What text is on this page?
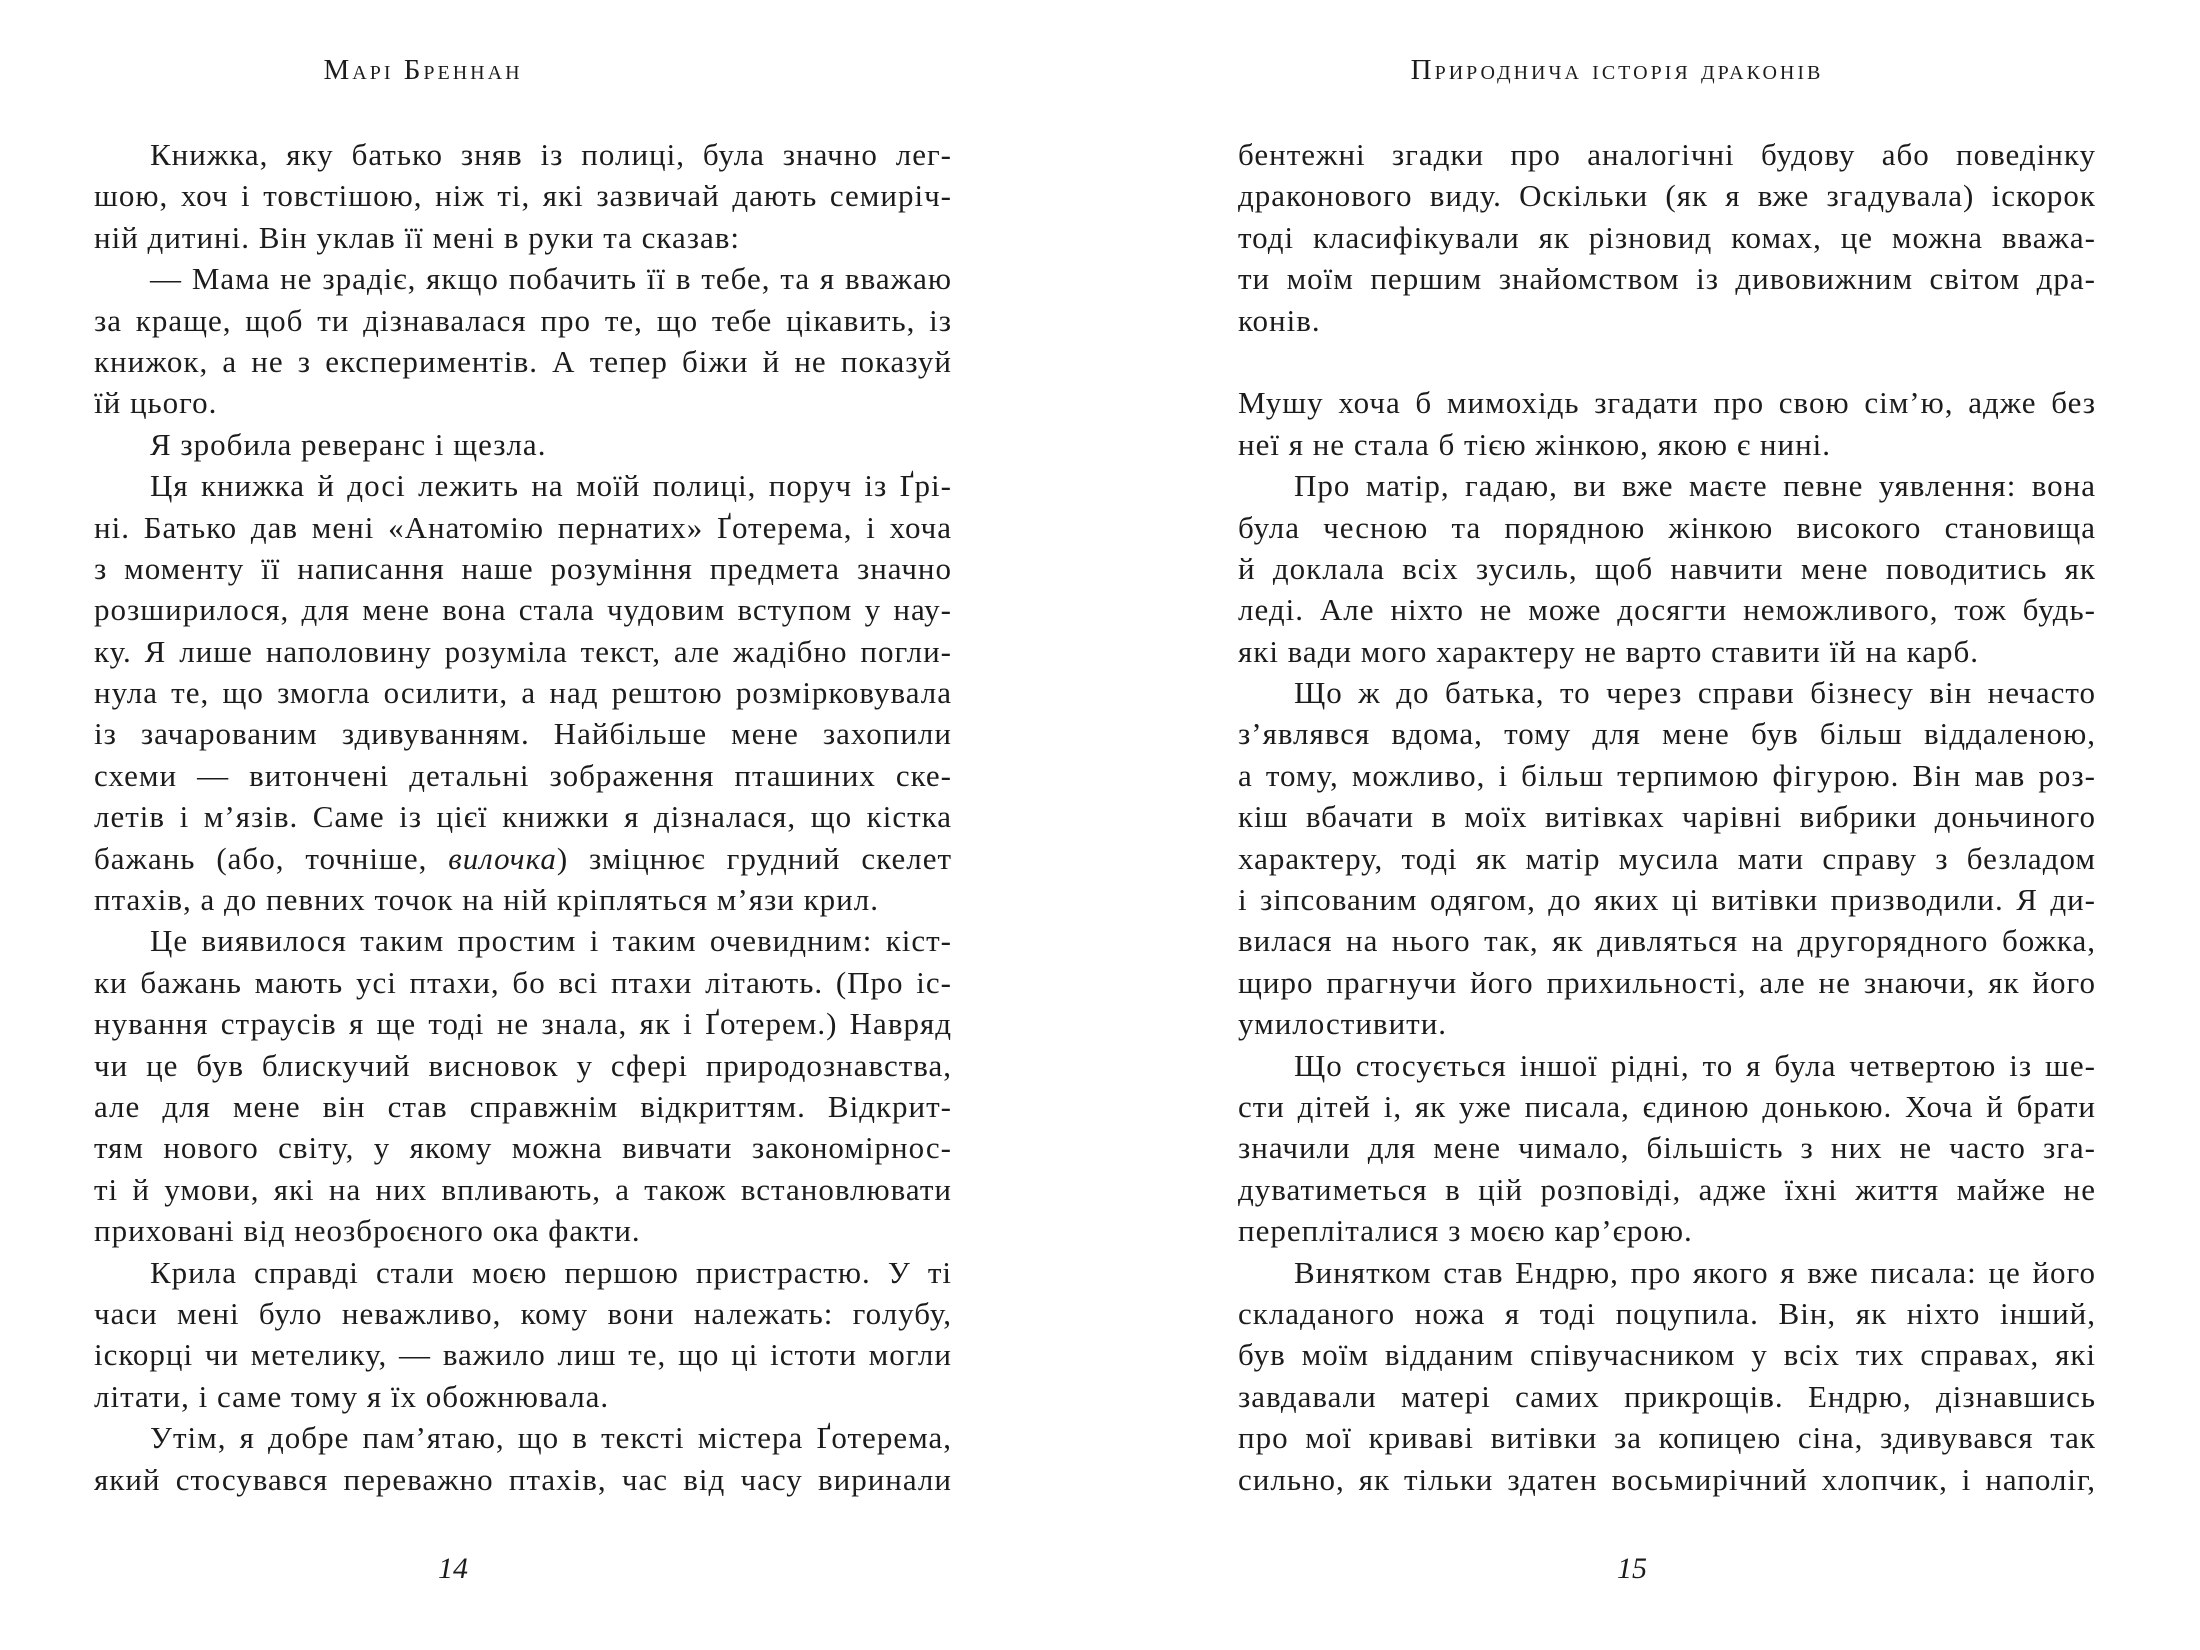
Марі Бреннан
Книжка, яку батько зняв із полиці, була значно лег-
шою, хоч і товстішою, ніж ті, які зазвичай дають семиріч-
ній дитині. Він уклав її мені в руки та сказав:
— Мама не зрадіє, якщо побачить її в тебе, та я вважаю
за краще, щоб ти дізнавалася про те, що тебе цікавить, із
книжок, а не з експериментів. А тепер біжи й не показуй
їй цього.
Я зробила реверанс і щезла.
Ця книжка й досі лежить на моїй полиці, поруч із Ґрі-
ні. Батько дав мені «Анатомію пернатих» Ґотерема, і хоча
з моменту її написання наше розуміння предмета значно
розширилося, для мене вона стала чудовим вступом у нау-
ку. Я лише наполовину розуміла текст, але жадібно погли-
нула те, що змогла осилити, а над рештою розмірковувала
із зачарованим здивуванням. Найбільше мене захопили
схеми — витончені детальні зображення пташиних ске-
летів і м’язів. Саме із цієї книжки я дізналася, що кістка
бажань (або, точніше, вилочка) зміцнює грудний скелет
птахів, а до певних точок на ній кріпляться м’язи крил.
Це виявилося таким простим і таким очевидним: кіст-
ки бажань мають усі птахи, бо всі птахи літають. (Про іс-
нування страусів я ще тоді не знала, як і Ґотерем.) Навряд
чи це був блискучий висновок у сфері природознавства,
але для мене він став справжнім відкриттям. Відкрит-
тям нового світу, у якому можна вивчати закономірнос-
ті й умови, які на них впливають, а також встановлювати
приховані від неозброєного ока факти.
Крила справді стали моєю першою пристрастю. У ті
часи мені було неважливо, кому вони належать: голубу,
іскорці чи метелику, — важило лиш те, що ці істоти могли
літати, і саме тому я їх обожнювала.
Утім, я добре пам’ятаю, що в тексті містера Ґотерема,
який стосувався переважно птахів, час від часу виринали
14
Природнича історія драконів
бентежні згадки про аналогічні будову або поведінку
драконового виду. Оскільки (як я вже згадувала) іскорок
тоді класифікували як різновид комах, це можна вважа-
ти моїм першим знайомством із дивовижним світом дра-
конів.
Мушу хоча б мимохідь згадати про свою сім’ю, адже без
неї я не стала б тією жінкою, якою є нині.
Про матір, гадаю, ви вже маєте певне уявлення: вона
була чесною та порядною жінкою високого становища
й доклала всіх зусиль, щоб навчити мене поводитись як
леді. Але ніхто не може досягти неможливого, тож будь-
які вади мого характеру не варто ставити їй на карб.
Що ж до батька, то через справи бізнесу він нечасто
з’являвся вдома, тому для мене був більш віддаленою,
а тому, можливо, і більш терпимою фігурою. Він мав роз-
кіш вбачати в моїх витівках чарівні вибрики доньчиного
характеру, тоді як матір мусила мати справу з безладом
і зіпсованим одягом, до яких ці витівки призводили. Я ди-
вилася на нього так, як дивляться на другорядного божка,
щиро прагнучи його прихильності, але не знаючи, як його
умилостивити.
Що стосується іншої рідні, то я була четвертою із ше-
сти дітей і, як уже писала, єдиною донькою. Хоча й брати
значили для мене чимало, більшість з них не часто зга-
дуватиметься в цій розповіді, адже їхні життя майже не
перепліталися з моєю кар’єрою.
Винятком став Ендрю, про якого я вже писала: це його
складаного ножа я тоді поцупила. Він, як ніхто інший,
був моїм відданим співучасником у всіх тих справах, які
завдавали матері самих прикрощів. Ендрю, дізнавшись
про мої криваві витівки за копицею сіна, здивувався так
сильно, як тільки здатен восьмирічний хлопчик, і наполіг,
15
